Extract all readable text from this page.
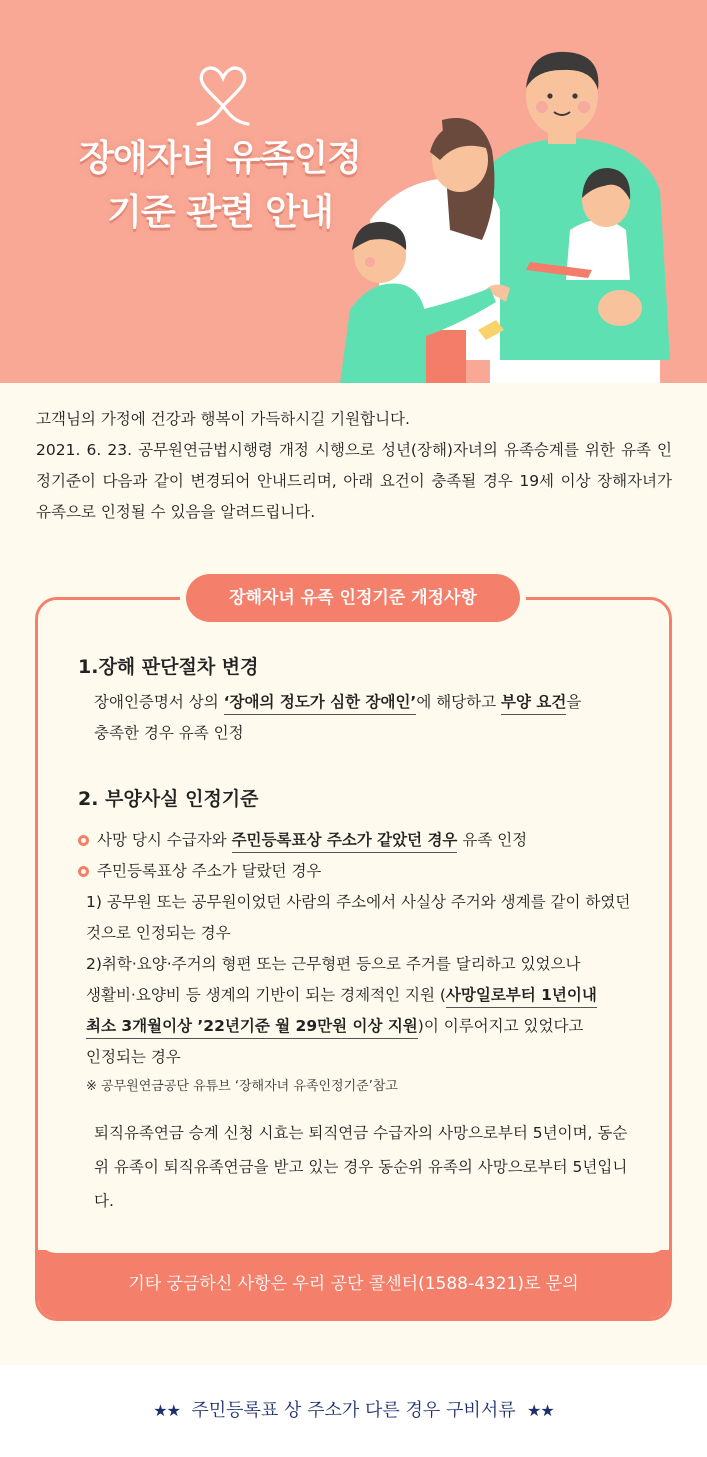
장애자녀 유족인정
기준 관련 안내

고객님의 가정에 건강과 행복이 가득하시길 기원합니다.

2021. 6. 23. 공무원연금법시행령 개정 시행으로 성년(장해)자녀의 유족승계를 위한 유족 인정기준이 다음과 같이 변경되어 안내드리며, 아래 요건이 충족될 경우 19세 이상 장해자녀가 유족으로 인정될 수 있음을 알려드립니다.

기타 궁금하신 사항은 우리 공단 콜센터(1588-4321)로 문의
1.장해 판단절차 변경
장애인증명서 상의 ‘장애의 정도가 심한 장애인’에 해당하고 부양 요건을
충족한 경우 유족 인정
2. 부양사실 인정기준
사망 당시 수급자와 주민등록표상 주소가 같았던 경우 유족 인정
주민등록표상 주소가 달랐던 경우
1) 공무원 또는 공무원이었던 사람의 주소에서 사실상 주거와 생계를 같이 하였던 것으로 인정되는 경우
2)취학·요양·주거의 형편 또는 근무형편 등으로 주거를 달리하고 있었으나
생활비·요양비 등 생계의 기반이 되는 경제적인 지원 (사망일로부터 1년이내
최소 3개월이상 ’22년기준 월 29만원 이상 지원)이 이루어지고 있었다고
인정되는 경우
※ 공무원연금공단 유튜브 ‘장해자녀 유족인정기준’참고
퇴직유족연금 승계 신청 시효는 퇴직연금 수급자의 사망으로부터 5년이며, 동순위 유족이 퇴직유족연금을 받고 있는 경우 동순위 유족의 사망으로부터 5년입니다.
장해자녀 유족 인정기준 개정사항
★★ 주민등록표 상 주소가 다른 경우 구비서류 ★★
